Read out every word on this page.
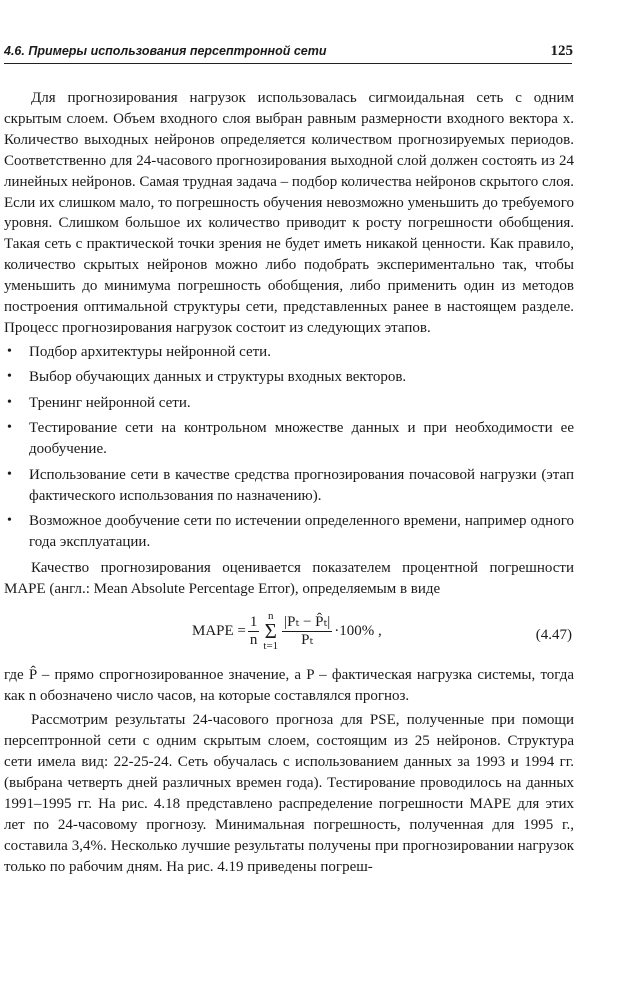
4.6. Примеры использования персептронной сети	125

Для прогнозирования нагрузок использовалась сигмоидальная сеть с одним скрытым слоем. Объем входного слоя выбран равным размерности входного вектора x. Количество выходных нейронов определяется количеством прогнозируемых периодов. Соответственно для 24-часового прогнозирования выходной слой должен состоять из 24 линейных нейронов. Самая трудная задача – подбор количества нейронов скрытого слоя. Если их слишком мало, то погрешность обучения невозможно уменьшить до требуемого уровня. Слишком большое их количество приводит к росту погрешности обобщения. Такая сеть с практической точки зрения не будет иметь никакой ценности. Как правило, количество скрытых нейронов можно либо подобрать экспериментально так, чтобы уменьшить до минимума погрешность обобщения, либо применить один из методов построения оптимальной структуры сети, представленных ранее в настоящем разделе. Процесс прогнозирования нагрузок состоит из следующих этапов.

• Подбор архитектуры нейронной сети.
• Выбор обучающих данных и структуры входных векторов.
• Тренинг нейронной сети.
• Тестирование сети на контрольном множестве данных и при необходимости ее дообучение.
• Использование сети в качестве средства прогнозирования почасовой нагрузки (этап фактического использования по назначению).
• Возможное дообучение сети по истечении определенного времени, например одного года эксплуатации.

Качество прогнозирования оценивается показателем процентной погрешности MAPE (англ.: Mean Absolute Percentage Error), определяемым в виде

MAPE = $\frac{1}{n}$ n
Σ
$t=1 \frac{\text{|Pₜ − P̂ₜ|}}{\text{Pₜ}} \cdot 100\%$ ,	(4.47)

где P̂ – прямо спрогнозированное значение, а P – фактическая нагрузка системы, тогда как n обозначено число часов, на которые составлялся прогноз.

Рассмотрим результаты 24-часового прогноза для PSE, полученные при помощи персептронной сети с одним скрытым слоем, состоящим из 25 нейронов. Структура сети имела вид: 22-25-24. Сеть обучалась с использованием данных за 1993 и 1994 гг. (выбрана четверть дней различных времен года). Тестирование проводилось на данных 1991–1995 гг. На рис. 4.18 представлено распределение погрешности MAPE для этих лет по 24-часовому прогнозу. Минимальная погрешность, полученная для 1995 г., составила 3,4%. Несколько лучшие результаты получены при прогнозировании нагрузок только по рабочим дням. На рис. 4.19 приведены погреш-
